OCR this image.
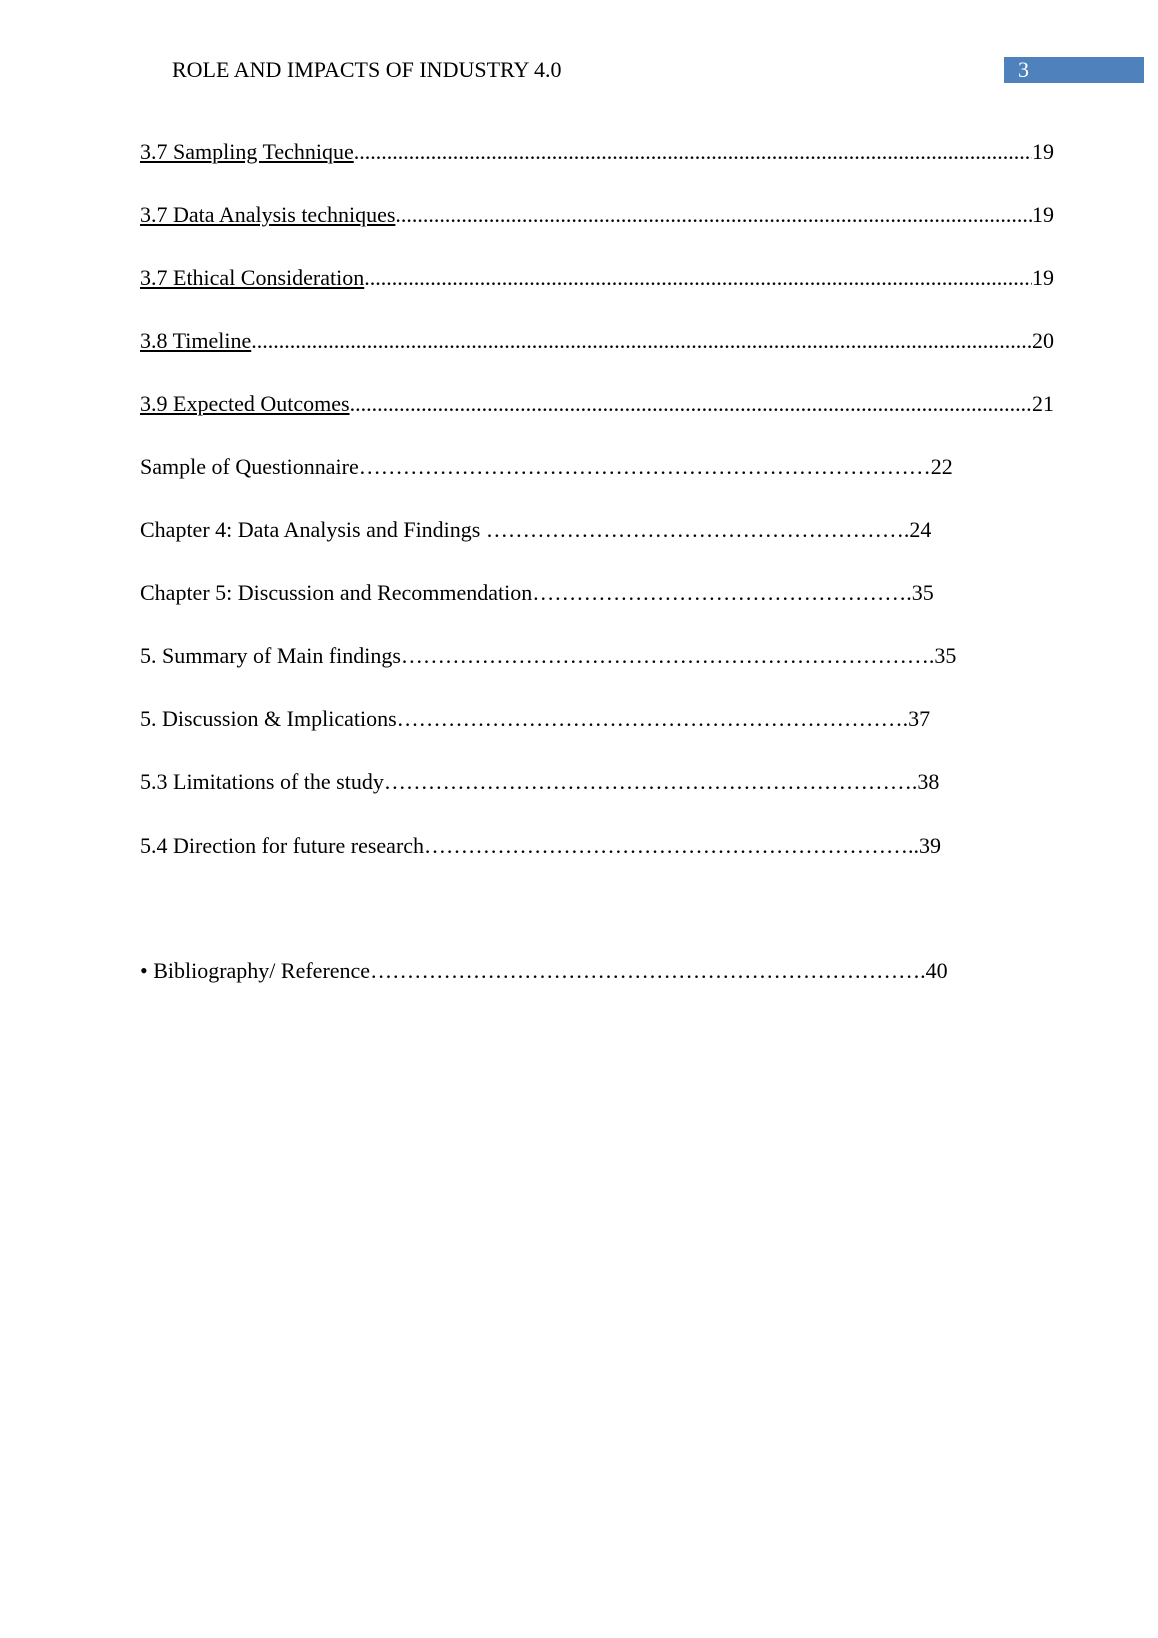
ROLE AND IMPACTS OF INDUSTRY 4.0	3
3.7 Sampling Technique .....	19
3.7 Data Analysis techniques .....	19
3.7 Ethical Consideration .....	19
3.8 Timeline .....	20
3.9 Expected Outcomes .....	21
Sample of Questionnaire……………………………………………………………………22
Chapter 4: Data Analysis and Findings ………………………………………………….24
Chapter 5: Discussion and Recommendation…………………………………………….35
5. Summary of Main findings……………………………………………………………….35
5. Discussion & Implications…………………………………………………………….37
5.3 Limitations of the study……………………………………………………………….38
5.4 Direction for future research…………………………………………………………..39
• Bibliography/ Reference………………………………………………………………….40
